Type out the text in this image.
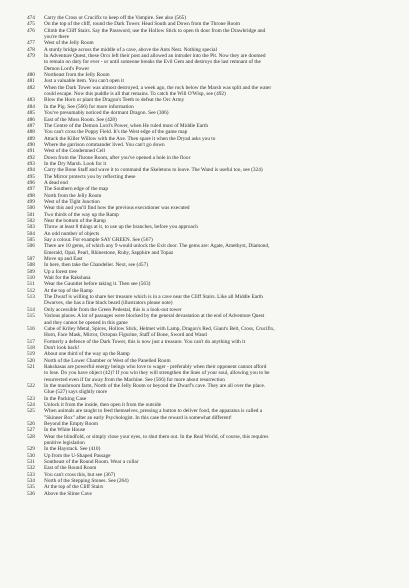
474	Carry the Cross or Crucifix to keep off the Vampire. See also (565)
475	On the top of the cliff, round the Dark Tower. Head South and Down from the Throne Room
476	Climb the Cliff Stairs. Say the Password, use the Hollow Stick to open th door from the Drawbridge and
you're there
477	West of the Jelly Room
478	A sturdy bridge across the middle of a cave, above the Ants Nest. Nothing special
479	In Adventure Quest, these Orcs left their post and allowed an intruder into the Pit. Now they are doomed
to remain on duty for ever - or until someone breaks the Evil Gem and destroys the last remnant of the
Demon Lord's Power
480	Northeast from the Jelly Room
481	Just a valuable item. You can't open it
482	When the Dark Tower was almost destroyed, a week ago, the rock below the Marsh was split and the water
could escape. Now this puddle is all that remains. To catch the Will O'Wisp, see (492)
483	Blow the Horn or plant the Dragon's Teeth to defeat the Orc Army
484	In the Pig. See (566) for more information
485	You've presumably noticed the dormant Dragon. See (306)
486	East of the Moss Room. See (428)
487	The Centre of the Demon Lord's Power, when He ruled most of Middle Earth
488	You can't cross the Poppy Field. It's the West edge of the game map
489	Attack the Killer Willow with the Axe. Then spare it when the Dryad asks you to
490	Where the garrison commander lived. You can't go down
491	West of the Condemned Cell
492	Down from the Throne Room, after you've opened a hole in the floor
493	In the Dry Marsh. Look for it
494	Carry the Bone Staff and wave it to command the Skeletons to leave. The Wand is useful too, see (324)
495	The Mirror protects you by reflecting these
496	A dead end
497	The Southern edge of the map
498	North from the Jelly Room
499	West of the Tight Junction
500	Wear this and you'll find how the previous executioner was executed
501	Two thirds of the way up the Ramp
502	Near the bottom of the Ramp
503	Throw at least 8 things at it, to use up the branches, before you approach
504	An odd number of objects
505	Say a colour. For example SAY GREEN. See (567)
506	There are 10 gems, of which any 9 would unlock the Exit door. The gems are: Agate, Amethyst, Diamond,
Emerald, Opal, Pearl, Rhinestone, Ruby, Sapphire and Topaz
507	Move up and East
508	In here, then take the Chandelier. Next, see (457)
509	Up a forest tree
510	Wait for the Rakshasa
511	Wear the Gauntlet before taking it. Then see (563)
512	At the top of the Ramp
513	The Dwarf is willing to share her treasure which is in a cave near the Cliff Stairs. Like all Middle Earth
Dwarves, she has a fine black beard (illustrators please note)
514	Only accessible from the Green Pedestal, this is a look-out tower
515	Various places. A lot of passages were blocked by the general devastation at the end of Adventure Quest
and they cannot be opened in this game
516	Cube of Kriley Metal, Spices, Hollow Stick, Helmet with Lamp, Dragon's Red, Giant's Belt, Cross, Crucifix,
Horn, Face Mask, Mirror, Octopus Figurine, Staff of Bone, Sword and Wand
517	Formerly a defence of the Dark Tower, this is now just a treasure. You can't do anything with it
518	Don't look back!
519	About one third of the way up the Ramp
520	North of the Lower Chamber or West of the Panelled Room
521	Rakshasas are powerful energy beings who love to wager - preferably when their opponent cannot afford
to lose. Do you have object (42)? If you win they will strengthen the lines of your soul, allowing you to be
resurrected even if far away from the Machine. See (566) for more about resurrection
522	In the mushroom farm, North of the Jelly Room or beyond the Dwarf's cave. They are all over the place.
Glue (527) says slightly more
523	In the Packing Case
524	Unlock it from the inside, then open it from the outside
525	When animals are taught to feed themselves, pressing a button to deliver food, the apparatus is called a
"Skinner Box" after an early Psychologist. In this case the reward is somewhat different!
526	Beyond the Empty Room
527	In the White House
528	Wear the blindfold, or simply close your eyes, to shut them out. In the Real World, of course, this requires
punitive legislation
529	In the Haystack. See (410)
530	Up from the U-Shaped Passage
531	Southeast of the Round Room. Wear a collar
532	East of the Round Room
533	You can't cross this, but see (367)
534	North of the Stepping Stones. See (264)
535	At the top of the Cliff Stairs
536	Above the Slime Cave
